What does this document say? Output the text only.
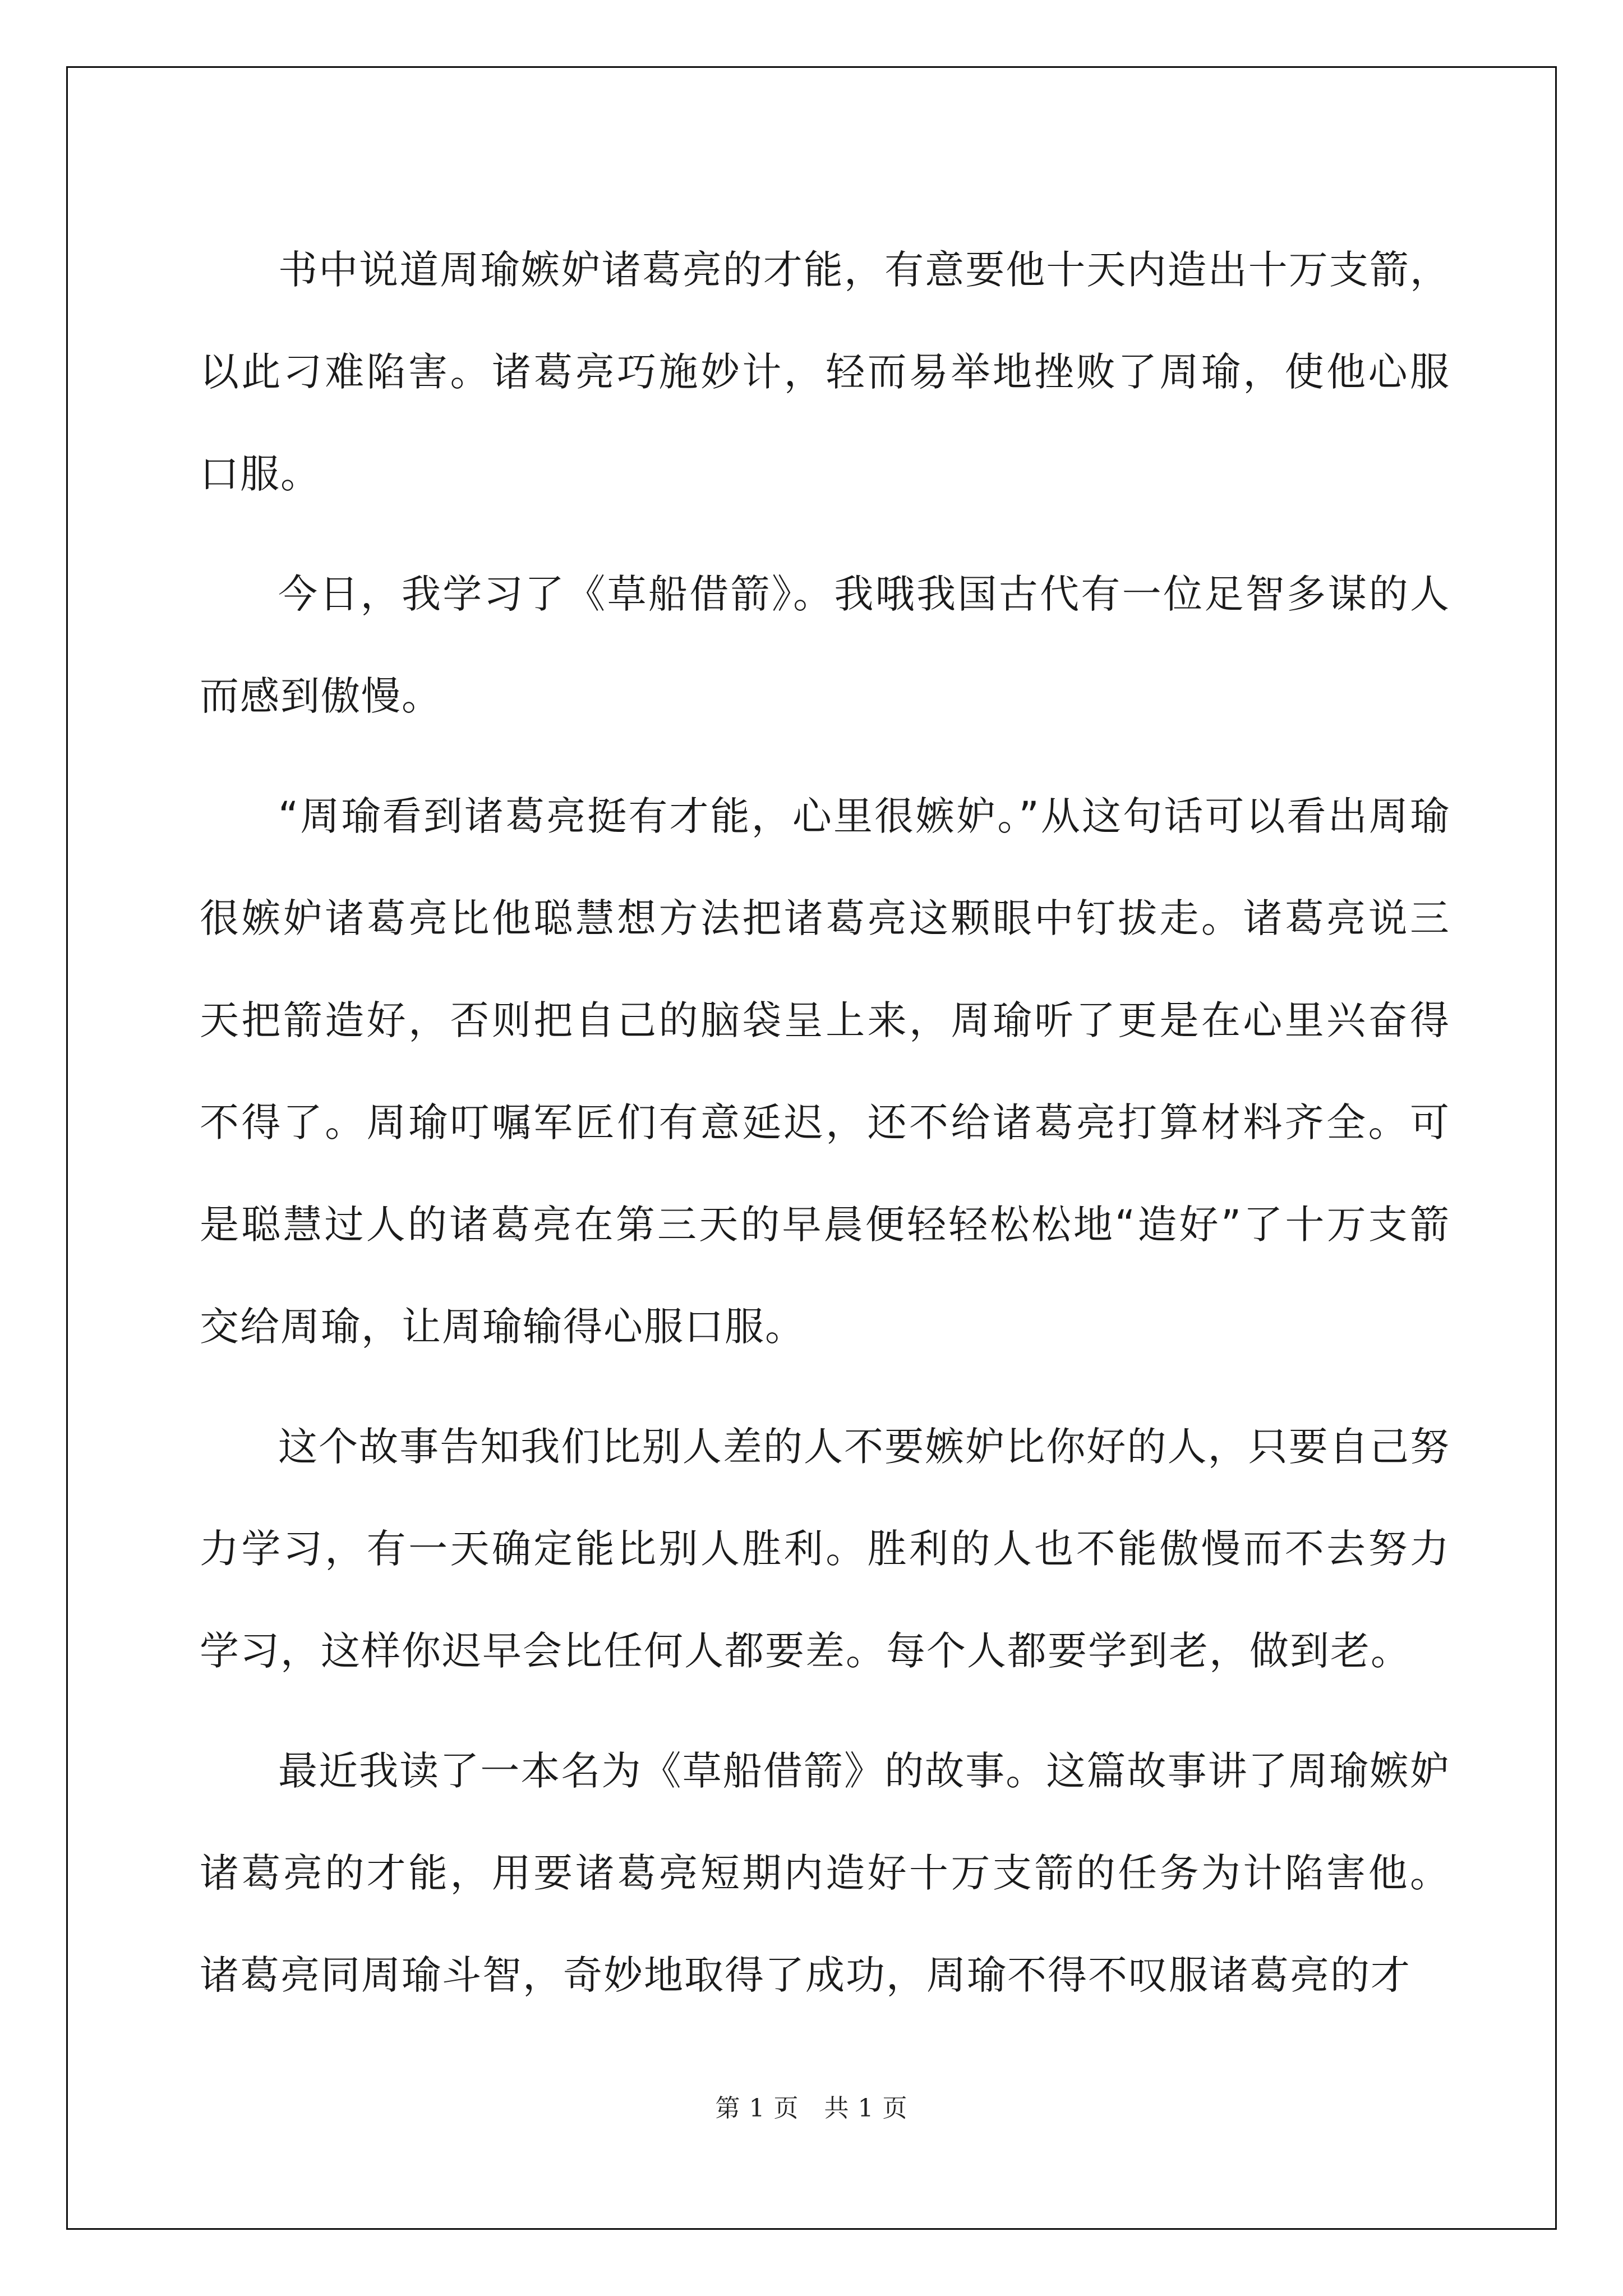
书中说道周瑜嫉妒诸葛亮的才能，有意要他十天内造出十万支箭，以此刁难陷害。诸葛亮巧施妙计，轻而易举地挫败了周瑜，使他心服口服。

今日，我学习了《草船借箭》。我哦我国古代有一位足智多谋的人而感到傲慢。

“周瑜看到诸葛亮挺有才能，心里很嫉妒。”从这句话可以看出周瑜很嫉妒诸葛亮比他聪慧想方法把诸葛亮这颗眼中钉拔走。诸葛亮说三天把箭造好，否则把自己的脑袋呈上来，周瑜听了更是在心里兴奋得不得了。周瑜叮嘱军匠们有意延迟，还不给诸葛亮打算材料齐全。可是聪慧过人的诸葛亮在第三天的早晨便轻轻松松地“造好”了十万支箭交给周瑜，让周瑜输得心服口服。

这个故事告知我们比别人差的人不要嫉妒比你好的人，只要自己努力学习，有一天确定能比别人胜利。胜利的人也不能傲慢而不去努力学习，这样你迟早会比任何人都要差。每个人都要学到老，做到老。

最近我读了一本名为《草船借箭》的故事。这篇故事讲了周瑜嫉妒诸葛亮的才能，用要诸葛亮短期内造好十万支箭的任务为计陷害他。诸葛亮同周瑜斗智，奇妙地取得了成功，周瑜不得不叹服诸葛亮的才

第 1 页　共 1 页
